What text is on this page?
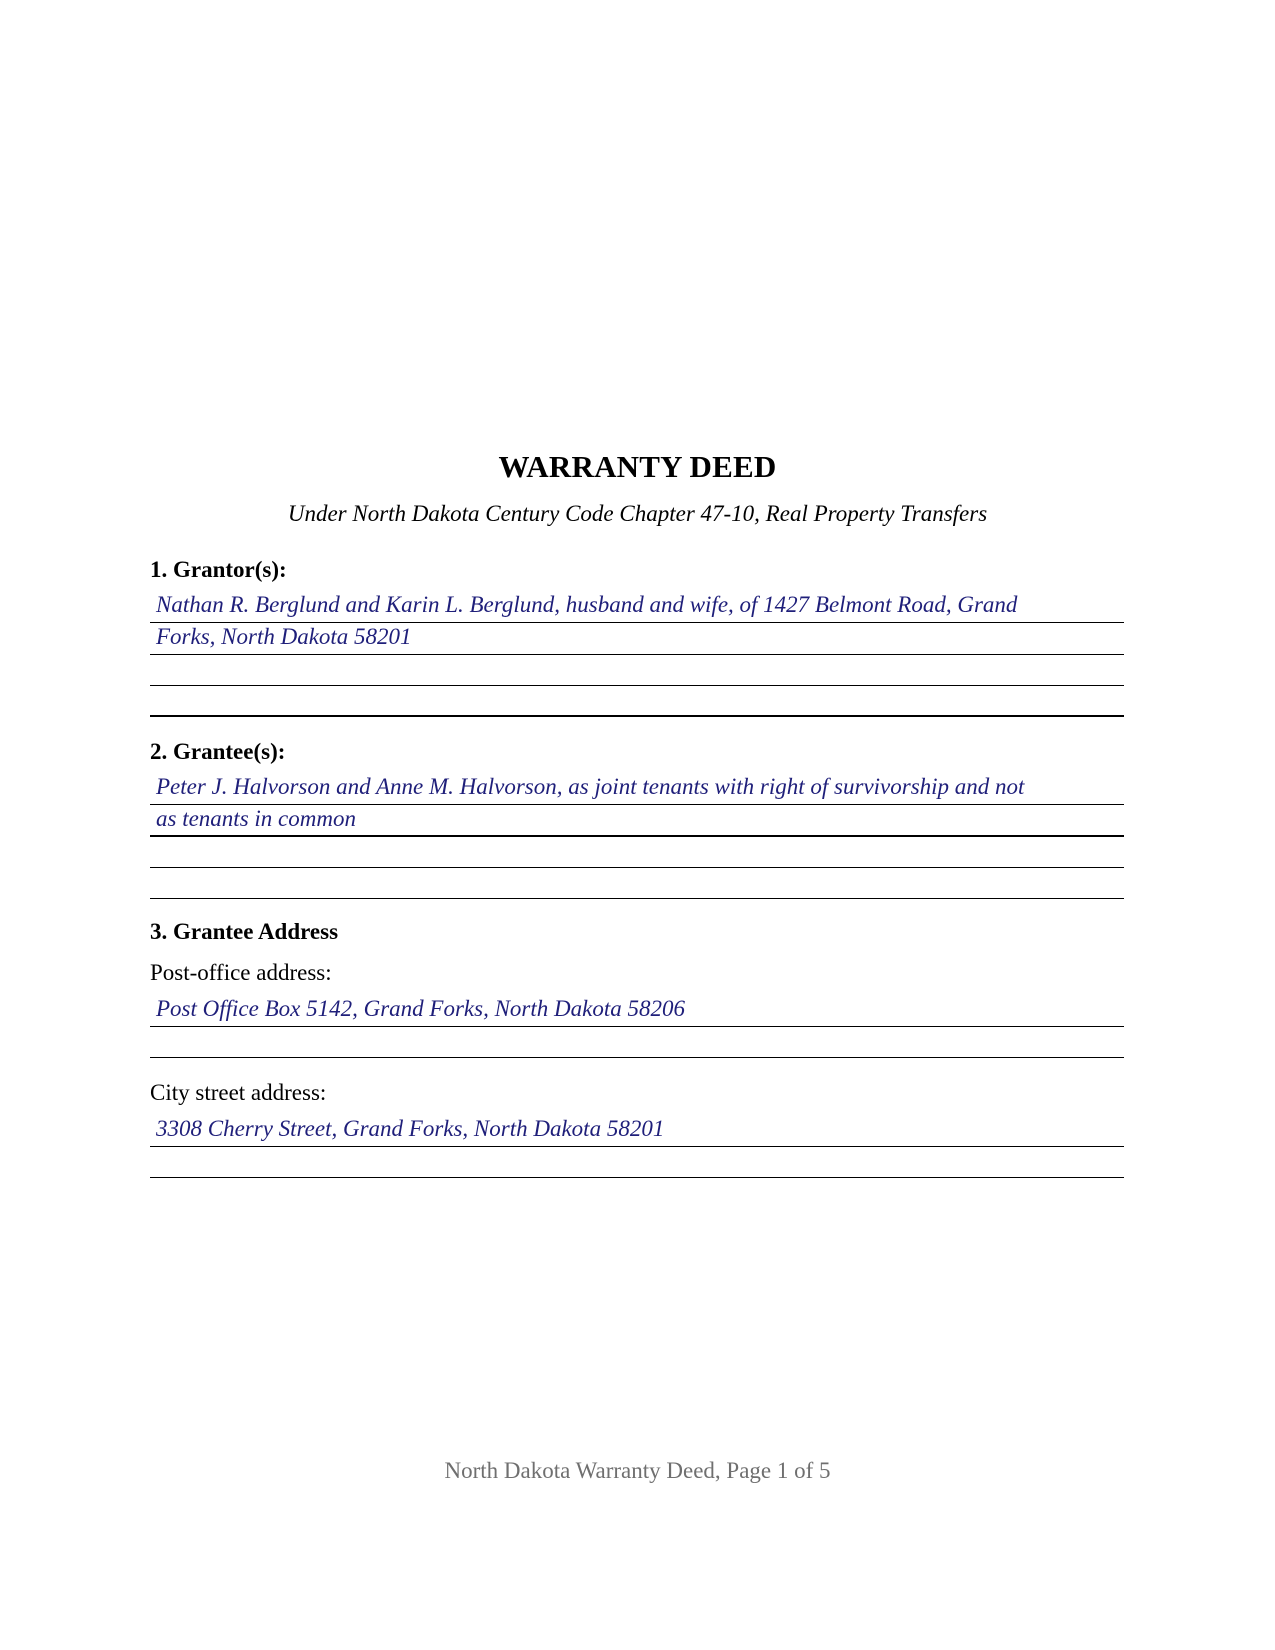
WARRANTY DEED
Under North Dakota Century Code Chapter 47-10, Real Property Transfers
1. Grantor(s):
Nathan R. Berglund and Karin L. Berglund, husband and wife, of 1427 Belmont Road, Grand
Forks, North Dakota 58201
2. Grantee(s):
Peter J. Halvorson and Anne M. Halvorson, as joint tenants with right of survivorship and not
as tenants in common
3. Grantee Address
Post-office address:
Post Office Box 5142, Grand Forks, North Dakota 58206
City street address:
3308 Cherry Street, Grand Forks, North Dakota 58201
North Dakota Warranty Deed, Page 1 of 5
